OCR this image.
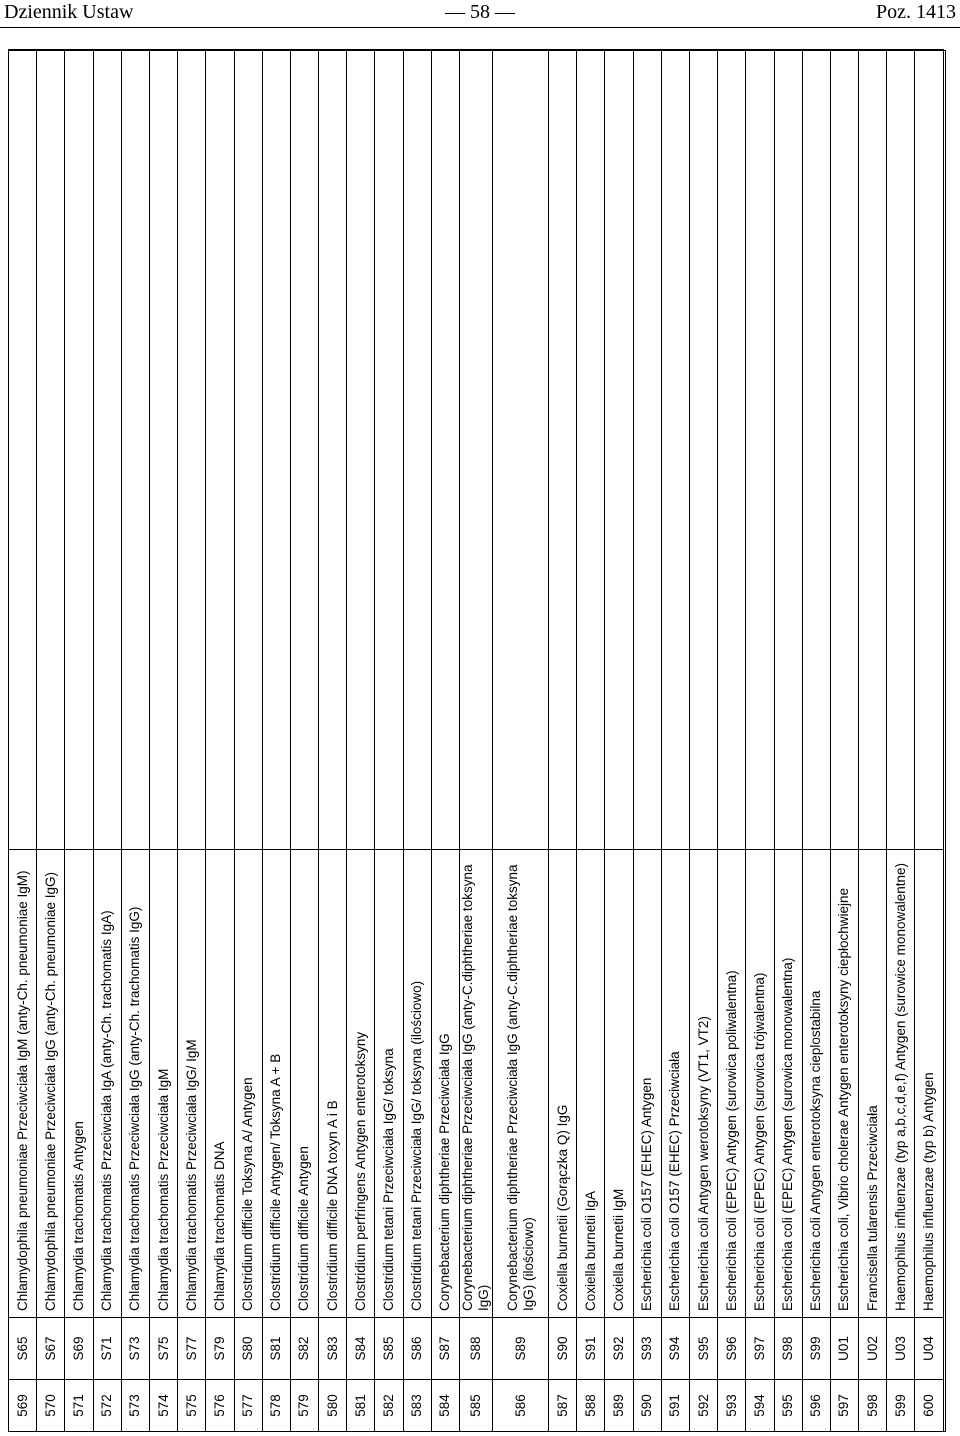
Dziennik Ustaw	— 58 —	Poz. 1413
569	S65	Chlamydophila pneumoniae Przeciwciała IgM (anty-Ch. pneumoniae IgM)	
570	S67	Chlamydophila pneumoniae Przeciwciała IgG (anty-Ch. pneumoniae IgG)	
571	S69	Chlamydia trachomatis Antygen	
572	S71	Chlamydia trachomatis Przeciwciała IgA (anty-Ch. trachomatis IgA)	
573	S73	Chlamydia trachomatis Przeciwciała IgG (anty-Ch. trachomatis IgG)	
574	S75	Chlamydia trachomatis Przeciwciała IgM	
575	S77	Chlamydia trachomatis Przeciwciała IgG/ IgM	
576	S79	Chlamydia trachomatis DNA	
577	S80	Clostridium difficile Toksyna A/ Antygen	
578	S81	Clostridium difficile Antygen/ Toksyna A + B	
579	S82	Clostridium difficile Antygen	
580	S83	Clostridium difficile DNA toxyn A i B	
581	S84	Clostridium perfringens Antygen enterotoksyny	
582	S85	Clostridium tetani Przeciwciała IgG/ toksyna	
583	S86	Clostridium tetani Przeciwciała IgG/ toksyna (ilościowo)	
584	S87	Corynebacterium diphtheriae Przeciwciała IgG	
585	S88	Corynebacterium diphtheriae Przeciwciała IgG (anty-C.diphtheriae toksyna IgG)	
586	S89	Corynebacterium diphtheriae Przeciwciała IgG (anty-C.diphtheriae toksyna IgG) (ilościowo)	
587	S90	Coxiella burnetii (Gorączka Q) IgG	
588	S91	Coxiella burnetii IgA	
589	S92	Coxiella burnetii IgM	
590	S93	Escherichia coli O157 (EHEC) Antygen	
591	S94	Escherichia coli O157 (EHEC) Przeciwciała	
592	S95	Escherichia coli Antygen werotoksyny (VT1, VT2)	
593	S96	Escherichia coli (EPEC) Antygen (surowica poliwalentna)	
594	S97	Escherichia coli (EPEC) Antygen (surowica trójwalentna)	
595	S98	Escherichia coli (EPEC) Antygen (surowica monowalentna)	
596	S99	Escherichia coli Antygen enterotoksyna cieplostabilna	
597	U01	Escherichia coli, Vibrio cholerae Antygen enterotoksyny ciepłochwiejne	
598	U02	Francisella tularensis Przeciwciała	
599	U03	Haemophilus influenzae (typ a,b,c,d,e,f) Antygen (surowice monowalentne)	
600	U04	Haemophilus influenzae (typ b) Antygen	
